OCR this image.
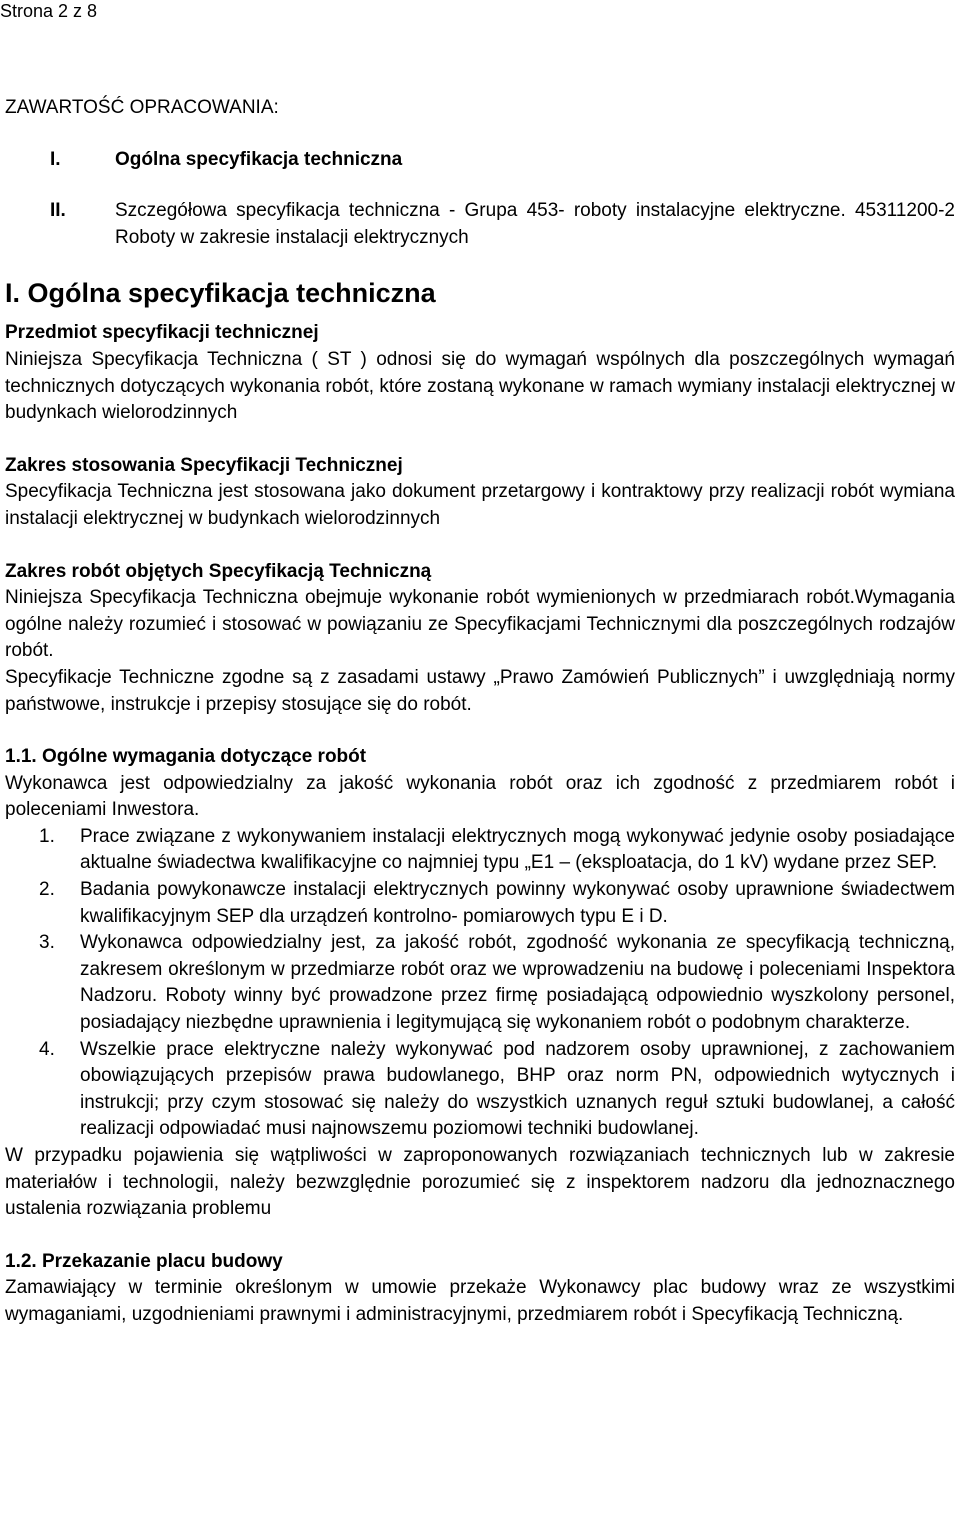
Strona 2 z 8
ZAWARTOŚĆ OPRACOWANIA:
I.	Ogólna specyfikacja techniczna
II.	Szczegółowa specyfikacja techniczna - Grupa 453- roboty instalacyjne elektryczne. 45311200-2 Roboty w zakresie instalacji elektrycznych
I. Ogólna specyfikacja techniczna
Przedmiot specyfikacji technicznej

Niniejsza Specyfikacja Techniczna ( ST ) odnosi się do wymagań wspólnych dla poszczególnych wymagań technicznych dotyczących wykonania robót, które zostaną wykonane w ramach wymiany instalacji elektrycznej w budynkach wielorodzinnych

Zakres stosowania Specyfikacji Technicznej

Specyfikacja Techniczna jest stosowana jako dokument przetargowy i kontraktowy przy realizacji robót wymiana instalacji elektrycznej w budynkach wielorodzinnych

Zakres robót objętych Specyfikacją Techniczną

Niniejsza Specyfikacja Techniczna obejmuje wykonanie robót wymienionych w przedmiarach robót.Wymagania ogólne należy rozumieć i stosować w powiązaniu ze Specyfikacjami Technicznymi dla poszczególnych rodzajów robót.

Specyfikacje Techniczne zgodne są z zasadami ustawy „Prawo Zamówień Publicznych” i uwzględniają normy państwowe, instrukcje i przepisy stosujące się do robót.

1.1. Ogólne wymagania dotyczące robót

Wykonawca jest odpowiedzialny za jakość wykonania robót oraz ich zgodność z przedmiarem robót i poleceniami Inwestora.

1.	Prace związane z wykonywaniem instalacji elektrycznych mogą wykonywać jedynie osoby posiadające aktualne świadectwa kwalifikacyjne co najmniej typu „E1 – (eksploatacja, do 1 kV) wydane przez SEP.
2.	Badania powykonawcze instalacji elektrycznych powinny wykonywać osoby uprawnione świadectwem kwalifikacyjnym SEP dla urządzeń kontrolno- pomiarowych typu E i D.
3.	Wykonawca odpowiedzialny jest, za jakość robót, zgodność wykonania ze specyfikacją techniczną, zakresem określonym w przedmiarze robót oraz we wprowadzeniu na budowę i poleceniami Inspektora Nadzoru. Roboty winny być prowadzone przez firmę posiadającą odpowiednio wyszkolony personel, posiadający niezbędne uprawnienia i legitymującą się wykonaniem robót o podobnym charakterze.
4.	Wszelkie prace elektryczne należy wykonywać pod nadzorem osoby uprawnionej, z zachowaniem obowiązujących przepisów prawa budowlanego, BHP oraz norm PN, odpowiednich wytycznych i instrukcji; przy czym stosować się należy do wszystkich uznanych reguł sztuki budowlanej, a całość realizacji odpowiadać musi najnowszemu poziomowi techniki budowlanej.

W przypadku pojawienia się wątpliwości w zaproponowanych rozwiązaniach technicznych lub w zakresie materiałów i technologii, należy bezwzględnie porozumieć się z inspektorem nadzoru dla jednoznacznego ustalenia rozwiązania problemu

1.2. Przekazanie placu budowy

Zamawiający w terminie określonym w umowie przekaże Wykonawcy plac budowy wraz ze wszystkimi wymaganiami, uzgodnieniami prawnymi i administracyjnymi, przedmiarem robót i Specyfikacją Techniczną.
